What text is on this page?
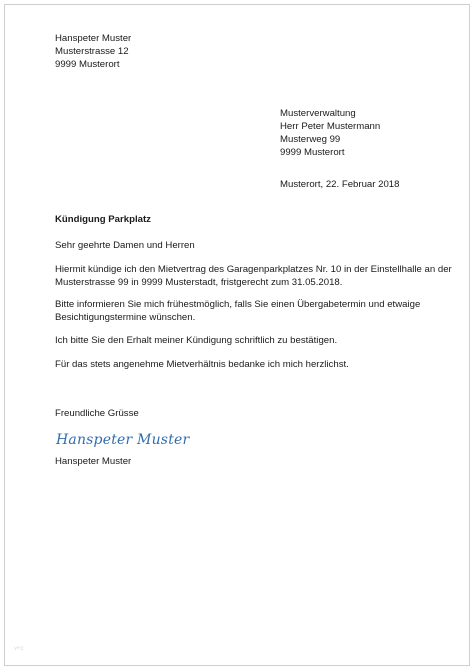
Hanspeter Muster
Musterstrasse 12
9999 Musterort
Musterverwaltung
Herr Peter Mustermann
Musterweg 99
9999 Musterort
Musterort, 22. Februar 2018
Kündigung Parkplatz
Sehr geehrte Damen und Herren
Hiermit kündige ich den Mietvertrag des Garagenparkplatzes Nr. 10 in der Einstellhalle an der
Musterstrasse 99 in 9999 Musterstadt, fristgerecht zum 31.05.2018.
Bitte informieren Sie mich frühestmöglich, falls Sie einen Übergabetermin und etwaige
Besichtigungstermine wünschen.
Ich bitte Sie den Erhalt meiner Kündigung schriftlich zu bestätigen.
Für das stets angenehme Mietverhältnis bedanke ich mich herzlichst.
Freundliche Grüsse
Hanspeter Muster
Hanspeter Muster
v+c
